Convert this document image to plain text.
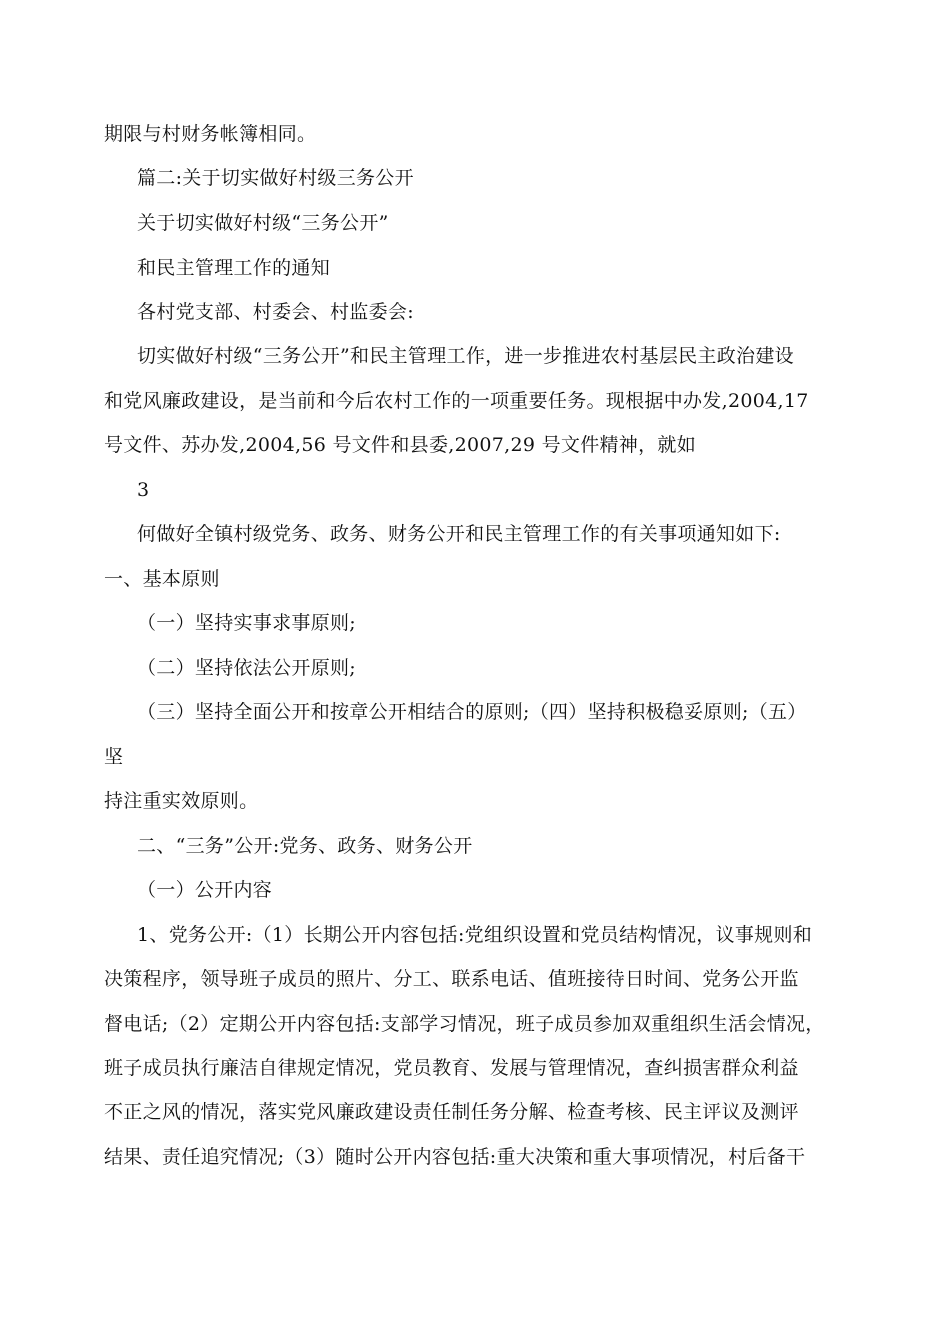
期限与村财务帐簿相同。
篇二:关于切实做好村级三务公开
关于切实做好村级“三务公开”
和民主管理工作的通知
各村党支部、村委会、村监委会:
切实做好村级“三务公开”和民主管理工作，进一步推进农村基层民主政治建设
和党风廉政建设，是当前和今后农村工作的一项重要任务。现根据中办发,2004,17
号文件、苏办发,2004,56 号文件和县委,2007,29 号文件精神，就如
3
何做好全镇村级党务、政务、财务公开和民主管理工作的有关事项通知如下:
一、基本原则
（一）坚持实事求事原则;
（二）坚持依法公开原则;
（三）坚持全面公开和按章公开相结合的原则;（四）坚持积极稳妥原则;（五）
坚
持注重实效原则。
二、“三务”公开:党务、政务、财务公开
（一）公开内容
1、党务公开:（1）长期公开内容包括:党组织设置和党员结构情况，议事规则和
决策程序，领导班子成员的照片、分工、联系电话、值班接待日时间、党务公开监
督电话;（2）定期公开内容包括:支部学习情况，班子成员参加双重组织生活会情况，
班子成员执行廉洁自律规定情况，党员教育、发展与管理情况，查纠损害群众利益
不正之风的情况，落实党风廉政建设责任制任务分解、检查考核、民主评议及测评
结果、责任追究情况;（3）随时公开内容包括:重大决策和重大事项情况，村后备干
